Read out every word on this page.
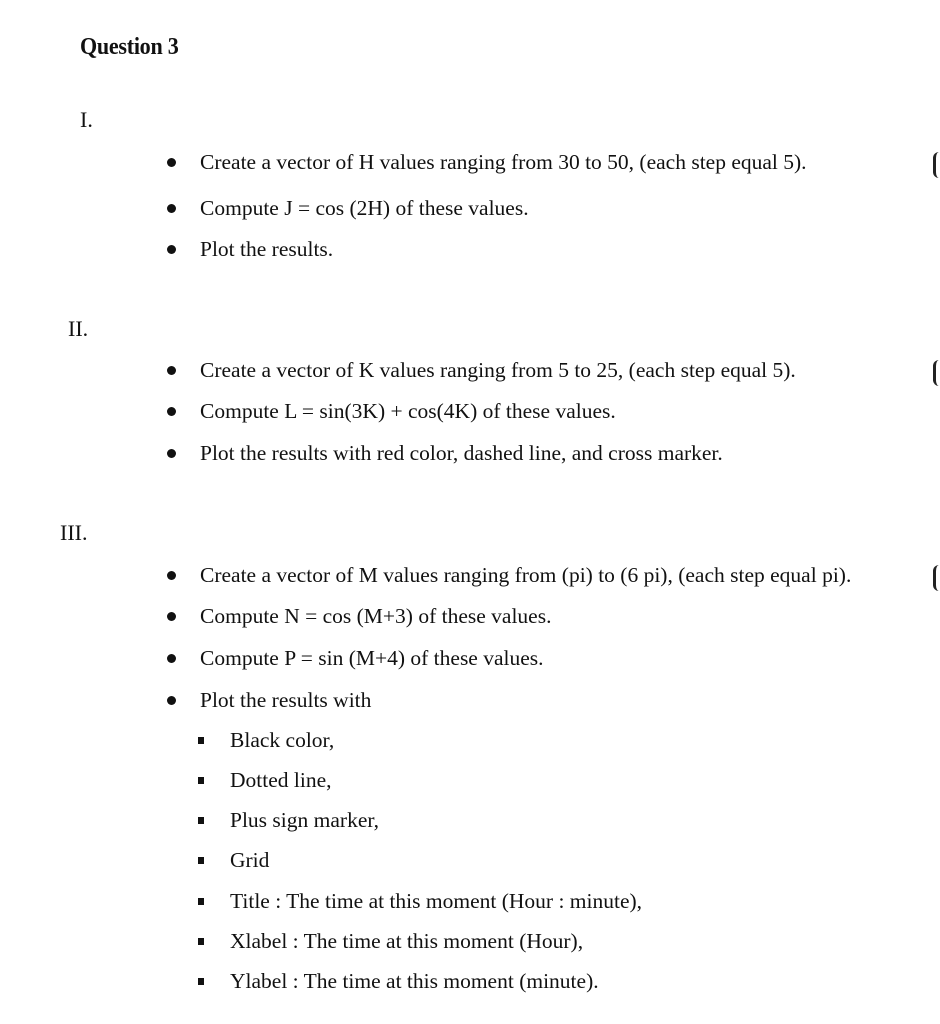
Question 3
I.
Create a vector of H values ranging from 30 to 50, (each step equal 5).
Compute J = cos (2H) of these values.
Plot the results.
II.
Create a vector of K values ranging from 5 to 25, (each step equal 5).
Compute L = sin(3K) + cos(4K) of these values.
Plot the results with red color, dashed line, and cross marker.
III.
Create a vector of M values ranging from (pi) to (6 pi), (each step equal pi).
Compute N = cos (M+3) of these values.
Compute P = sin (M+4) of these values.
Plot the results with
Black color,
Dotted line,
Plus sign marker,
Grid
Title : The time at this moment (Hour : minute),
Xlabel : The time at this moment (Hour),
Ylabel : The time at this moment (minute).
